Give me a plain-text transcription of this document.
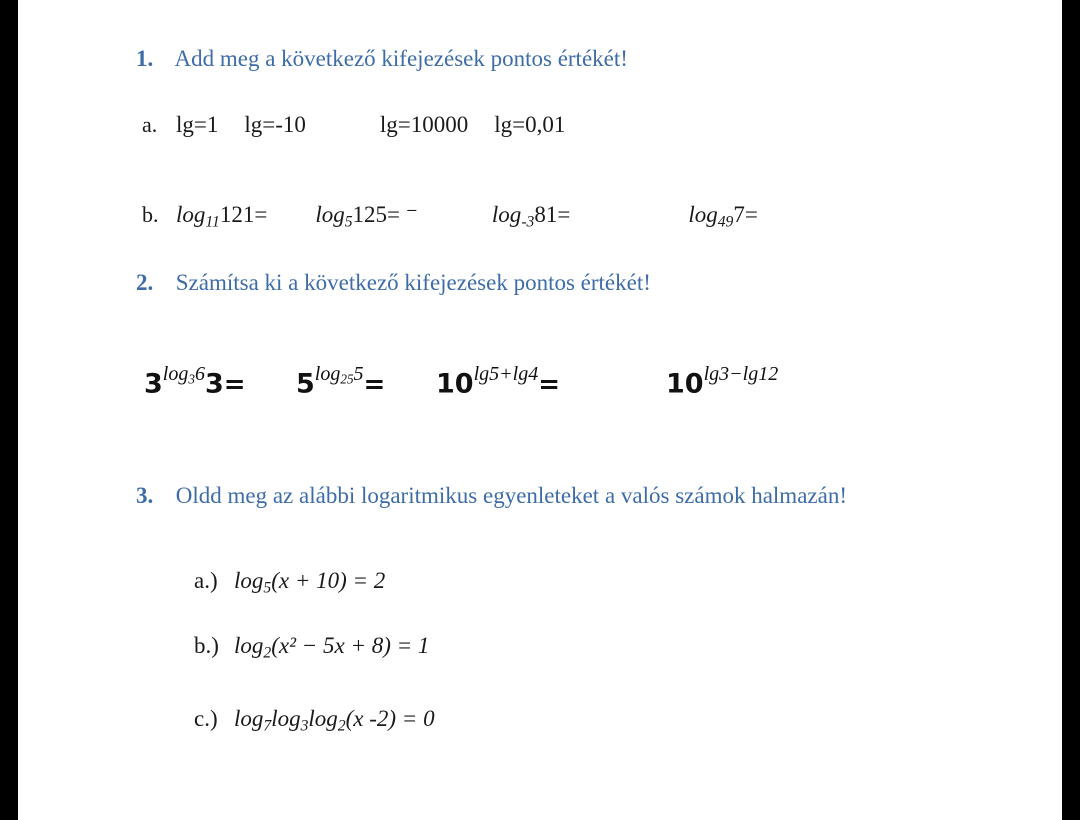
1. Add meg a következő kifejezések pontos értékét!
a. lg=1 lg=-10	lg=10000 lg=0,01
b. $\log_{11}121= \log_5125=$ ⁻	$\log_{-3}81=$	$\log_{49}7=$
2. Számítsa ki a következő kifejezések pontos értékét!
$3^{log_36}3= 5^{log_{25}5}= 10^{lg5+lg4}=$	$10^{lg3-lg12}$
3. Oldd meg az alábbi logaritmikus egyenleteket a valós számok halmazán!
a.) $\log_5(x + 10) = 2$
b.) $\log_2(x^2 - 5x + 8) = 1$
c.) $\log_7\log_3\log_2(x$ -2) = 0
